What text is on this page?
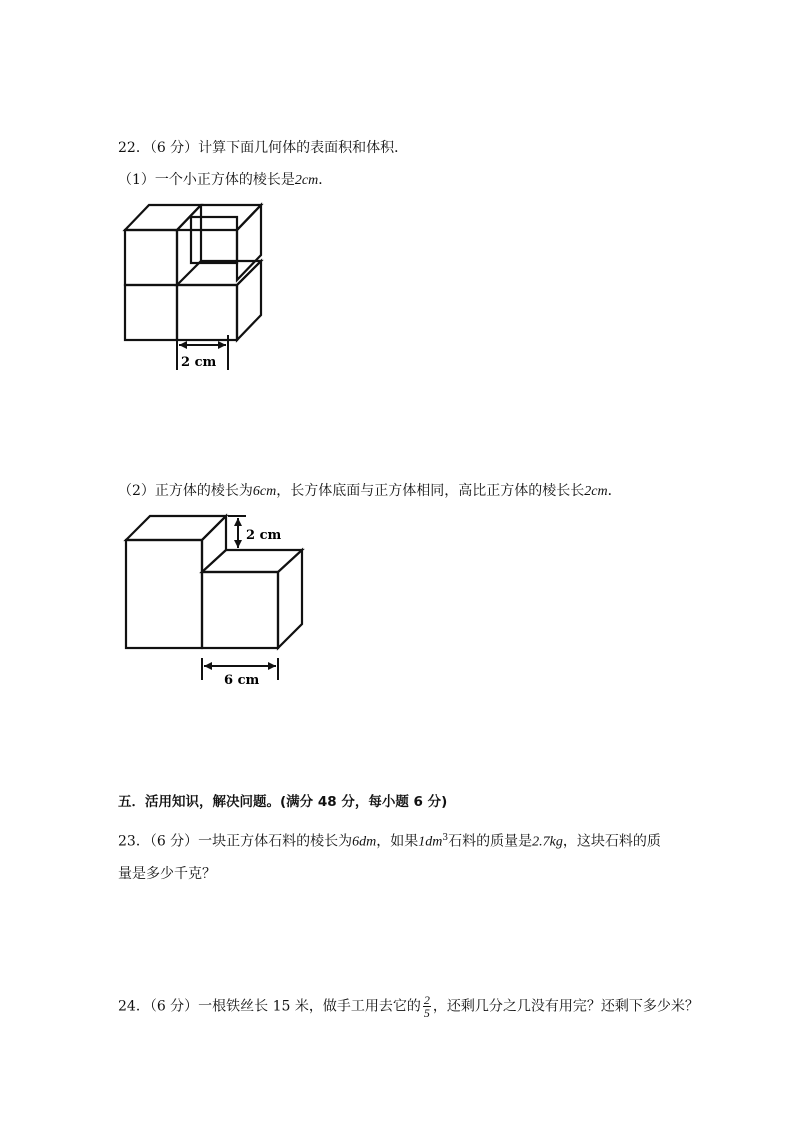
22．（6 分）计算下面几何体的表面积和体积．
（1）一个小正方体的棱长是2cm．
2 cm
（2）正方体的棱长为6cm，长方体底面与正方体相同，高比正方体的棱长长2cm．
2 cm
6 cm
五．活用知识，解决问题。(满分 48 分，每小题 6 分)
23．（6 分）一块正方体石料的棱长为6dm，如果$1dm^3$石料的质量是2.7kg，这块石料的质
量是多少千克？
24．（6 分）一根铁丝长 15 米，做手工用去它的 $\frac{2}{5}$ ，还剩几分之几没有用完？还剩下多少米？
